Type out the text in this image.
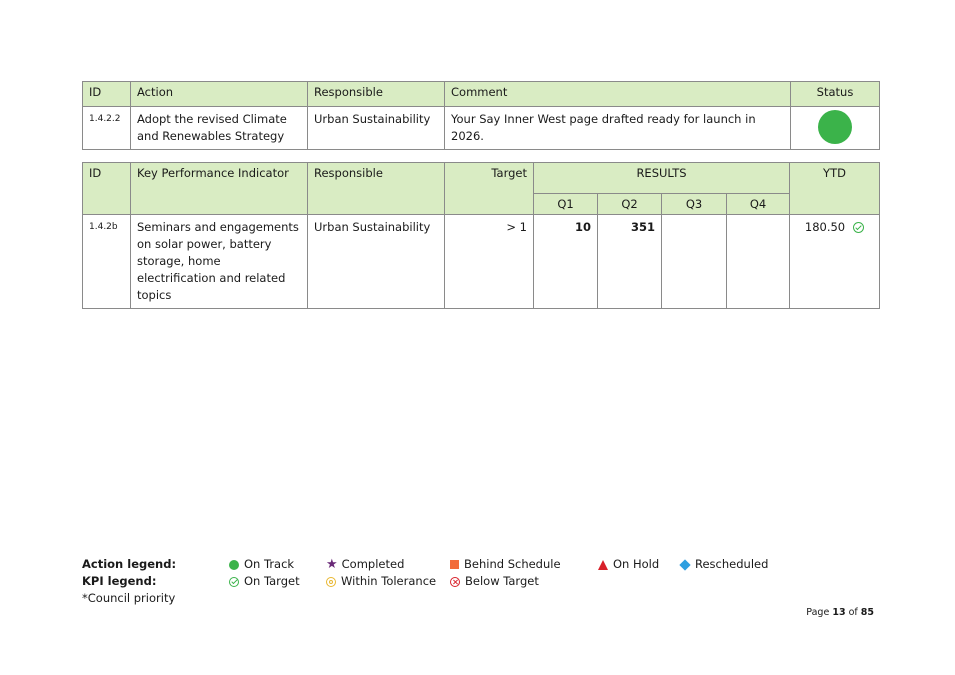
ID	Action	Responsible	Comment	Status
1.4.2.2	Adopt the revised Climate and Renewables Strategy	Urban Sustainability	Your Say Inner West page drafted ready for launch in 2026.	
ID	Key Performance Indicator	Responsible	Target	RESULTS				YTD
				Q1	Q2	Q3	Q4	
1.4.2b	Seminars and engagements on solar power, battery storage, home electrification and related topics	Urban Sustainability	> 1	10	351			180.50
Action legend:
KPI legend:
*Council priority
On Track ★ Completed	Behind Schedule	On Hold	Rescheduled
On Target	Within Tolerance	Below Target
Page 13 of 85
